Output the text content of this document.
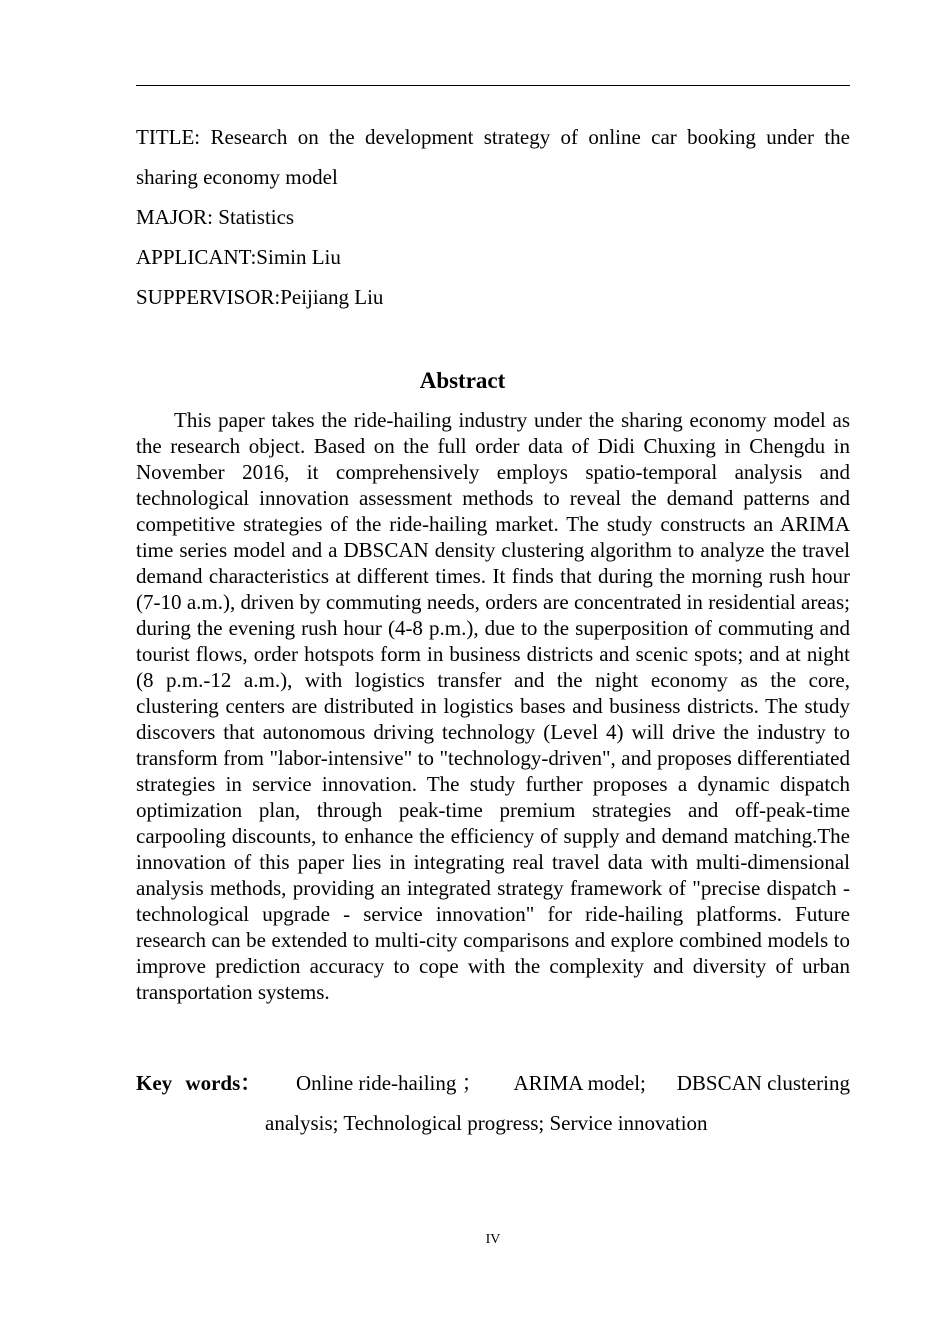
TITLE: Research on the development strategy of online car booking under the sharing economy model

MAJOR: Statistics

APPLICANT:Simin Liu

SUPPERVISOR:Peijiang Liu

Abstract

This paper takes the ride-hailing industry under the sharing economy model as the research object. Based on the full order data of Didi Chuxing in Chengdu in November 2016, it comprehensively employs spatio-temporal analysis and technological innovation assessment methods to reveal the demand patterns and competitive strategies of the ride-hailing market. The study constructs an ARIMA time series model and a DBSCAN density clustering algorithm to analyze the travel demand characteristics at different times. It finds that during the morning rush hour (7-10 a.m.), driven by commuting needs, orders are concentrated in residential areas; during the evening rush hour (4-8 p.m.), due to the superposition of commuting and tourist flows, order hotspots form in business districts and scenic spots; and at night (8 p.m.-12 a.m.), with logistics transfer and the night economy as the core, clustering centers are distributed in logistics bases and business districts. The study discovers that autonomous driving technology (Level 4) will drive the industry to transform from "labor-intensive" to "technology-driven", and proposes differentiated strategies in service innovation. The study further proposes a dynamic dispatch optimization plan, through peak-time premium strategies and off-peak-time carpooling discounts, to enhance the efficiency of supply and demand matching.The innovation of this paper lies in integrating real travel data with multi-dimensional analysis methods, providing an integrated strategy framework of "precise dispatch - technological upgrade - service innovation" for ride-hailing platforms. Future research can be extended to multi-city comparisons and explore combined models to improve prediction accuracy to cope with the complexity and diversity of urban transportation systems.

Key words：	Online ride-hailing ； ARIMA model; DBSCAN clustering
analysis; Technological progress; Service innovation
IV
